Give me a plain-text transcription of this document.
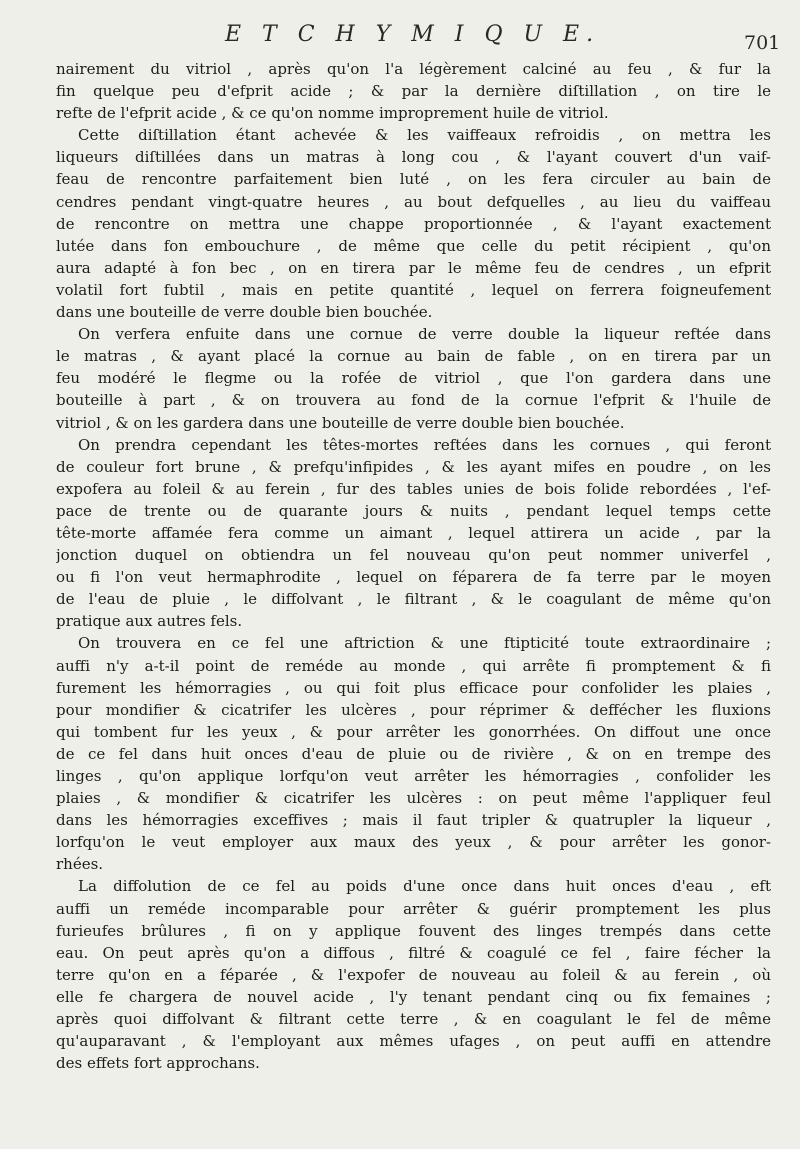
E T C H Y M I Q U E.	701
nairement du vitriol , après qu'on l'a légèrement calciné au feu , & fur la
fin quelque peu d'efprit acide ; & par la dernière diſtillation , on tire le
refte de l'efprit acide , & ce qu'on nomme improprement huile de vitriol.
Cette diſtillation étant achevée & les vaiffeaux refroidis , on mettra les
liqueurs diſtillées dans un matras à long cou , & l'ayant couvert d'un vaif-
feau de rencontre parfaitement bien luté , on les fera circuler au bain de
cendres pendant vingt-quatre heures , au bout defquelles , au lieu du vaiffeau
de rencontre on mettra une chappe proportionnée , & l'ayant exactement
lutée dans fon embouchure , de même que celle du petit récipient , qu'on
aura adapté à fon bec , on en tirera par le même feu de cendres , un efprit
volatil fort fubtil , mais en petite quantité , lequel on ferrera foigneufement
dans une bouteille de verre double bien bouchée.
On verfera enfuite dans une cornue de verre double la liqueur reftée dans
le matras , & ayant placé la cornue au bain de fable , on en tirera par un
feu modéré le flegme ou la rofée de vitriol , que l'on gardera dans une
bouteille à part , & on trouvera au fond de la cornue l'efprit & l'huile de
vitriol , & on les gardera dans une bouteille de verre double bien bouchée.
On prendra cependant les têtes-mortes reftées dans les cornues , qui feront
de couleur fort brune , & prefqu'infipides , & les ayant mifes en poudre , on les
expofera au foleil & au ferein , fur des tables unies de bois folide rebordées , l'ef-
pace de trente ou de quarante jours & nuits , pendant lequel temps cette
tête-morte affamée fera comme un aimant , lequel attirera un acide , par la
jonction duquel on obtiendra un fel nouveau qu'on peut nommer univerfel ,
ou fi l'on veut hermaphrodite , lequel on féparera de fa terre par le moyen
de l'eau de pluie , le diffolvant , le filtrant , & le coagulant de même qu'on
pratique aux autres fels.
On trouvera en ce fel une aftriction & une ftipticité toute extraordinaire ;
auffi n'y a-t-il point de reméde au monde , qui arrête fi promptement & fi
furement les hémorragies , ou qui foit plus efficace pour confolider les plaies ,
pour mondifier & cicatrifer les ulcères , pour réprimer & deffécher les fluxions
qui tombent fur les yeux , & pour arrêter les gonorrhées. On diffout une once
de ce fel dans huit onces d'eau de pluie ou de rivière , & on en trempe des
linges , qu'on applique lorfqu'on veut arrêter les hémorragies , confolider les
plaies , & mondifier & cicatrifer les ulcères : on peut même l'appliquer feul
dans les hémorragies exceffives ; mais il faut tripler & quatrupler la liqueur ,
lorfqu'on le veut employer aux maux des yeux , & pour arrêter les gonor-
rhées.
La diffolution de ce fel au poids d'une once dans huit onces d'eau , eft
auffi un reméde incomparable pour arrêter & guérir promptement les plus
furieufes brûlures , fi on y applique fouvent des linges trempés dans cette
eau. On peut après qu'on a diffous , filtré & coagulé ce fel , faire fécher la
terre qu'on en a féparée , & l'expofer de nouveau au foleil & au ferein , où
elle fe chargera de nouvel acide , l'y tenant pendant cinq ou fix femaines ;
après quoi diffolvant & filtrant cette terre , & en coagulant le fel de même
qu'auparavant , & l'employant aux mêmes ufages , on peut auffi en attendre
des effets fort approchans.
